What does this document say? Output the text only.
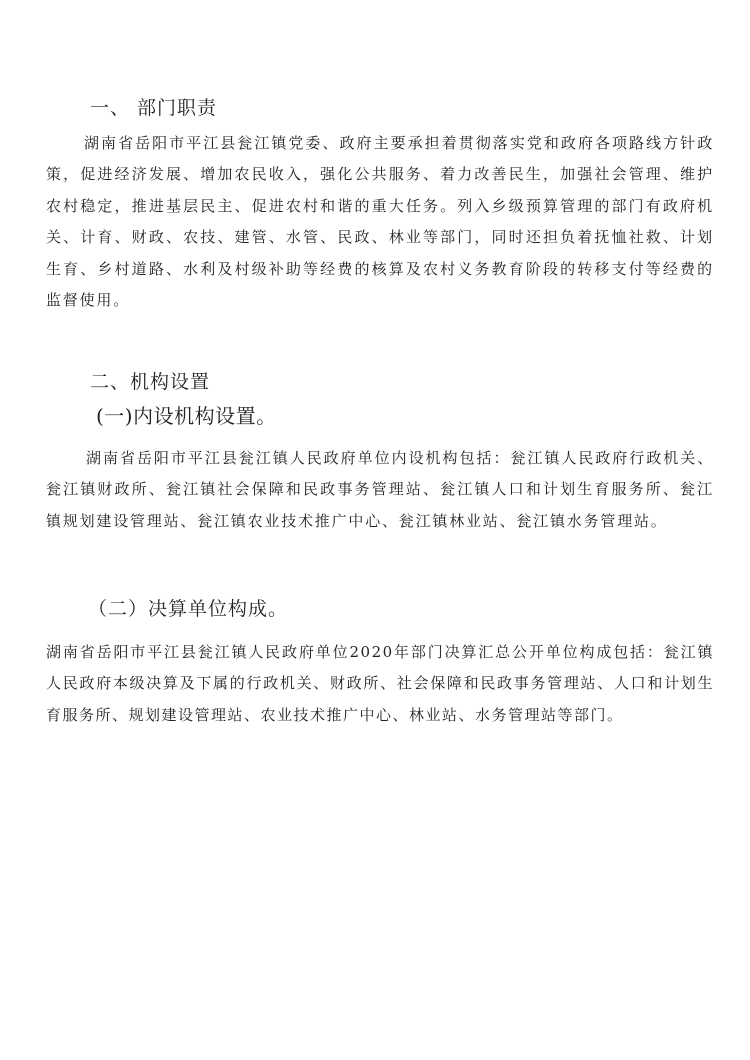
一、 部门职责

湖南省岳阳市平江县瓮江镇党委、政府主要承担着贯彻落实党和政府各项路线方针政策，促进经济发展、增加农民收入，强化公共服务、着力改善民生，加强社会管理、维护农村稳定，推进基层民主、促进农村和谐的重大任务。列入乡级预算管理的部门有政府机关、计育、财政、农技、建管、水管、民政、林业等部门，同时还担负着抚恤社救、计划生育、乡村道路、水利及村级补助等经费的核算及农村义务教育阶段的转移支付等经费的监督使用。

二、机构设置
(一)内设机构设置。

湖南省岳阳市平江县瓮江镇人民政府单位内设机构包括：瓮江镇人民政府行政机关、瓮江镇财政所、瓮江镇社会保障和民政事务管理站、瓮江镇人口和计划生育服务所、瓮江镇规划建设管理站、瓮江镇农业技术推广中心、瓮江镇林业站、瓮江镇水务管理站。

（二）决算单位构成。

湖南省岳阳市平江县瓮江镇人民政府单位2020年部门决算汇总公开单位构成包括：瓮江镇人民政府本级决算及下属的行政机关、财政所、社会保障和民政事务管理站、人口和计划生育服务所、规划建设管理站、农业技术推广中心、林业站、水务管理站等部门。
